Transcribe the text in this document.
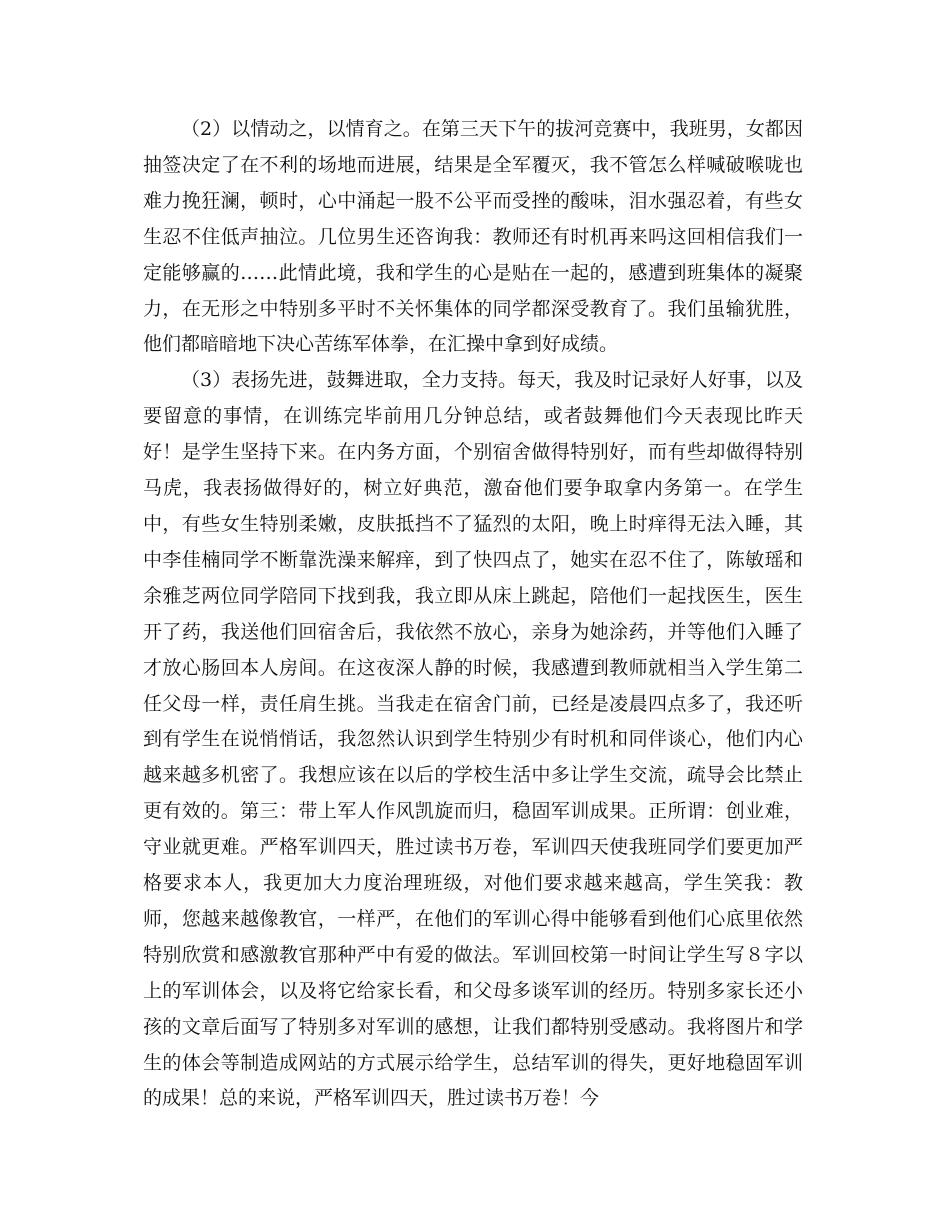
（2）以情动之，以情育之。在第三天下午的拔河竞赛中，我班男，女都因抽签决定了在不利的场地而进展，结果是全军覆灭，我不管怎么样喊破喉咙也难力挽狂澜，顿时，心中涌起一股不公平而受挫的酸味，泪水强忍着，有些女生忍不住低声抽泣。几位男生还咨询我：教师还有时机再来吗这回相信我们一定能够赢的……此情此境，我和学生的心是贴在一起的，感遭到班集体的凝聚力，在无形之中特别多平时不关怀集体的同学都深受教育了。我们虽输犹胜，他们都暗暗地下决心苦练军体拳，在汇操中拿到好成绩。

（3）表扬先进，鼓舞进取，全力支持。每天，我及时记录好人好事，以及要留意的事情，在训练完毕前用几分钟总结，或者鼓舞他们今天表现比昨天好！是学生坚持下来。在内务方面，个别宿舍做得特别好，而有些却做得特别马虎，我表扬做得好的，树立好典范，激奋他们要争取拿内务第一。在学生中，有些女生特别柔嫩，皮肤抵挡不了猛烈的太阳，晚上时痒得无法入睡，其中李佳楠同学不断靠洗澡来解痒，到了快四点了，她实在忍不住了，陈敏瑶和余雅芝两位同学陪同下找到我，我立即从床上跳起，陪他们一起找医生，医生开了药，我送他们回宿舍后，我依然不放心，亲身为她涂药，并等他们入睡了才放心肠回本人房间。在这夜深人静的时候，我感遭到教师就相当入学生第二任父母一样，责任肩生挑。当我走在宿舍门前，已经是凌晨四点多了，我还听到有学生在说悄悄话，我忽然认识到学生特别少有时机和同伴谈心，他们内心越来越多机密了。我想应该在以后的学校生活中多让学生交流，疏导会比禁止更有效的。第三：带上军人作风凯旋而归，稳固军训成果。正所谓：创业难，守业就更难。严格军训四天，胜过读书万卷，军训四天使我班同学们要更加严格要求本人，我更加大力度治理班级，对他们要求越来越高，学生笑我：教师，您越来越像教官，一样严，在他们的军训心得中能够看到他们心底里依然特别欣赏和感激教官那种严中有爱的做法。军训回校第一时间让学生写８字以上的军训体会，以及将它给家长看，和父母多谈军训的经历。特别多家长还小孩的文章后面写了特别多对军训的感想，让我们都特别受感动。我将图片和学生的体会等制造成网站的方式展示给学生，总结军训的得失，更好地稳固军训的成果！总的来说，严格军训四天，胜过读书万卷！今
